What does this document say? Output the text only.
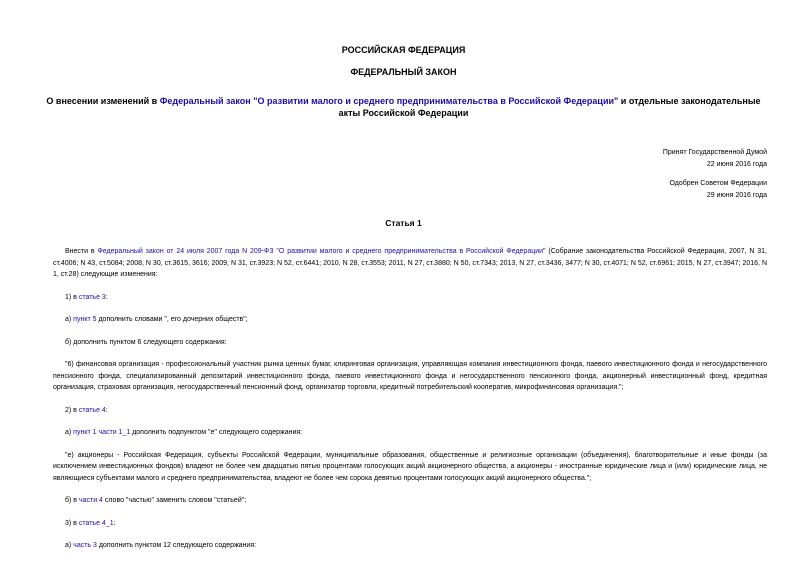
РОССИЙСКАЯ ФЕДЕРАЦИЯ
ФЕДЕРАЛЬНЫЙ ЗАКОН
О внесении изменений в Федеральный закон "О развитии малого и среднего предпринимательства в Российской Федерации" и отдельные законодательные акты Российской Федерации
Принят Государственной Думой
22 июня 2016 года
Одобрен Советом Федерации
29 июня 2016 года
Статья 1

Внести в Федеральный закон от 24 июля 2007 года N 209-ФЗ "О развитии малого и среднего предпринимательства в Российской Федерации" (Собрание законодательства Российской Федерации, 2007, N 31, ст.4006; N 43, ст.5084; 2008, N 30, ст.3615, 3616; 2009, N 31, ст.3923; N 52, ст.6441; 2010, N 28, ст.3553; 2011, N 27, ст.3880; N 50, ст.7343; 2013, N 27, ст.3436, 3477; N 30, ст.4071; N 52, ст.6961; 2015, N 27, ст.3947; 2016, N 1, ст.28) следующие изменения:

1) в статье 3:

а) пункт 5 дополнить словами ", его дочерних обществ";

б) дополнить пунктом 6 следующего содержания:

"6) финансовая организация - профессиональный участник рынка ценных бумаг, клиринговая организация, управляющая компания инвестиционного фонда, паевого инвестиционного фонда и негосударственного пенсионного фонда, специализированный депозитарий инвестиционного фонда, паевого инвестиционного фонда и негосударственного пенсионного фонда, акционерный инвестиционный фонд, кредитная организация, страховая организация, негосударственный пенсионный фонд, организатор торговли, кредитный потребительский кооператив, микрофинансовая организация.";

2) в статье 4:

а) пункт 1 части 1_1 дополнить подпунктом "е" следующего содержания:

"е) акционеры - Российская Федерация, субъекты Российской Федерации, муниципальные образования, общественные и религиозные организации (объединения), благотворительные и иные фонды (за исключением инвестиционных фондов) владеют не более чем двадцатью пятью процентами голосующих акций акционерного общества, а акционеры - иностранные юридические лица и (или) юридические лица, не являющиеся субъектами малого и среднего предпринимательства, владеют не более чем сорока девятью процентами голосующих акций акционерного общества.";

б) в части 4 слово "частью" заменить словом "статьей";

3) в статье 4_1:

а) часть 3 дополнить пунктом 12 следующего содержания:
